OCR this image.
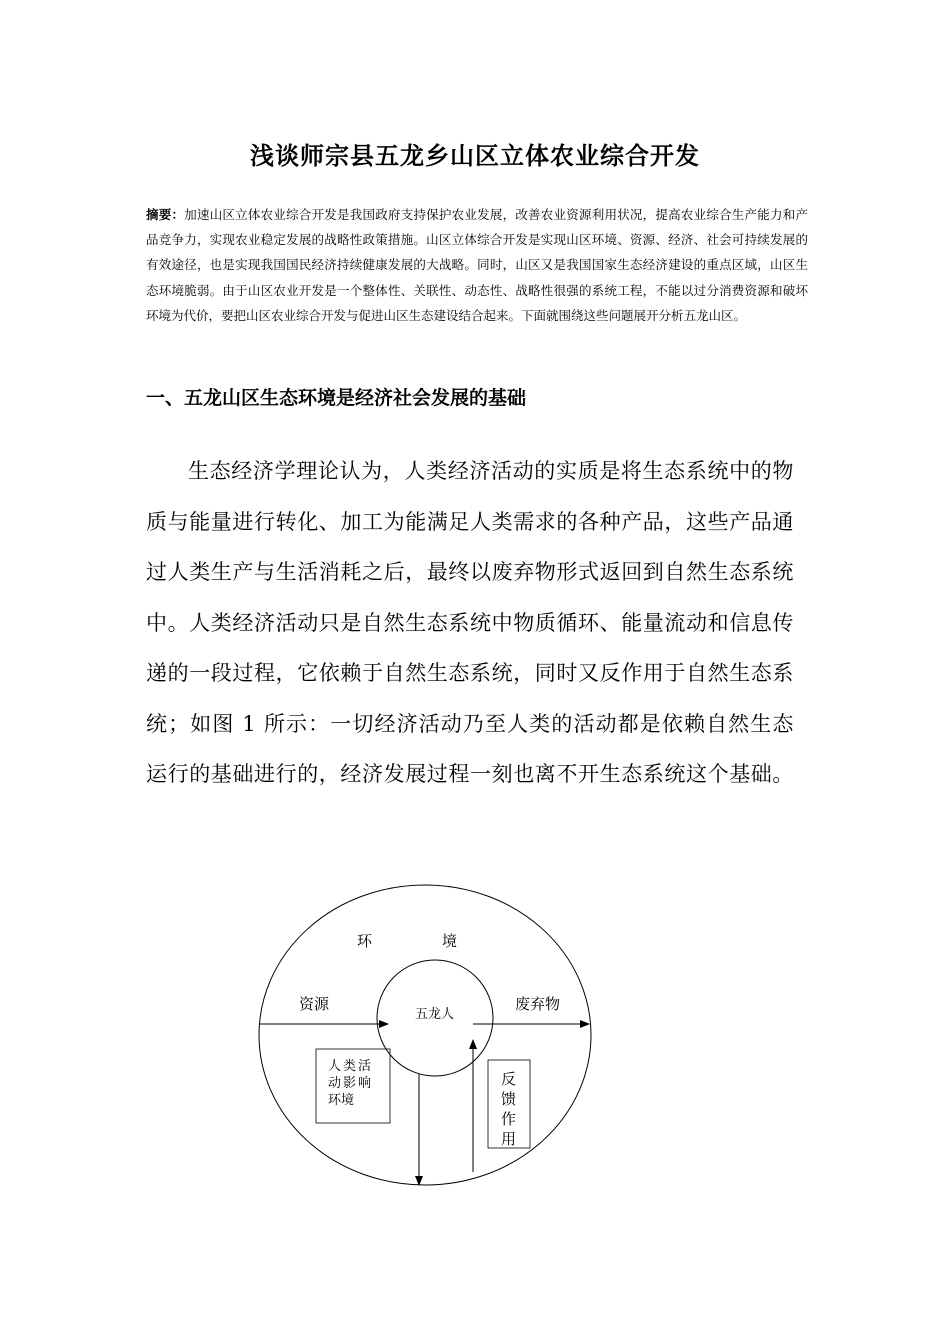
浅谈师宗县五龙乡山区立体农业综合开发
摘要：加速山区立体农业综合开发是我国政府支持保护农业发展，改善农业资源利用状况，提高农业综合生产能力和产品竞争力，实现农业稳定发展的战略性政策措施。山区立体综合开发是实现山区环境、资源、经济、社会可持续发展的有效途径，也是实现我国国民经济持续健康发展的大战略。同时，山区又是我国国家生态经济建设的重点区域，山区生态环境脆弱。由于山区农业开发是一个整体性、关联性、动态性、战略性很强的系统工程，不能以过分消费资源和破坏环境为代价，要把山区农业综合开发与促进山区生态建设结合起来。下面就围绕这些问题展开分析五龙山区。
一、五龙山区生态环境是经济社会发展的基础
生态经济学理论认为，人类经济活动的实质是将生态系统中的物质与能量进行转化、加工为能满足人类需求的各种产品，这些产品通过人类生产与生活消耗之后，最终以废弃物形式返回到自然生态系统中。人类经济活动只是自然生态系统中物质循环、能量流动和信息传递的一段过程，它依赖于自然生态系统，同时又反作用于自然生态系统；如图 1 所示：一切经济活动乃至人类的活动都是依赖自然生态运行的基础进行的，经济发展过程一刻也离不开生态系统这个基础。
环	境
资源
五龙人
废弃物
人类活
动影响
环境
反
馈
作
用
